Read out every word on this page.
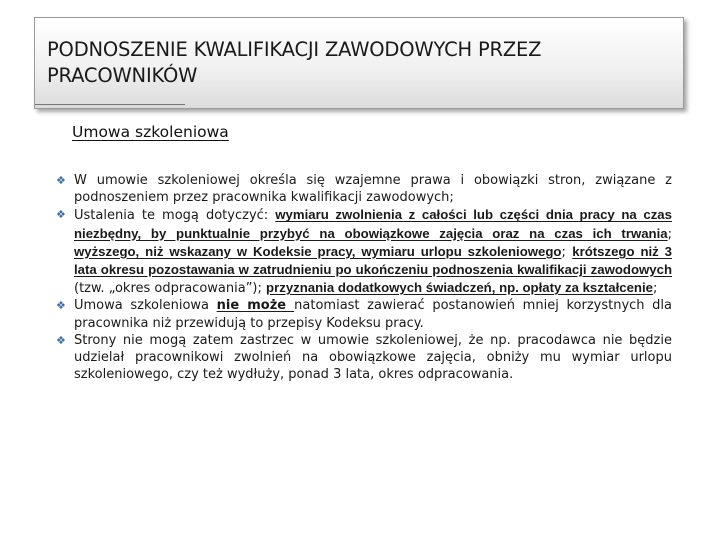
PODNOSZENIE KWALIFIKACJI ZAWODOWYCH PRZEZ PRACOWNIKÓW
Umowa szkoleniowa
❖ W umowie szkoleniowej określa się wzajemne prawa i obowiązki stron, związane z podnoszeniem przez pracownika kwalifikacji zawodowych;
❖ Ustalenia te mogą dotyczyć: wymiaru zwolnienia z całości lub części dnia pracy na czas niezbędny, by punktualnie przybyć na obowiązkowe zajęcia oraz na czas ich trwania; wyższego, niż wskazany w Kodeksie pracy, wymiaru urlopu szkoleniowego; krótszego niż 3 lata okresu pozostawania w zatrudnieniu po ukończeniu podnoszenia kwalifikacji zawodowych (tzw. „okres odpracowania”); przyznania dodatkowych świadczeń, np. opłaty za kształcenie;
❖ Umowa szkoleniowa nie może natomiast zawierać postanowień mniej korzystnych dla pracownika niż przewidują to przepisy Kodeksu pracy.
❖ Strony nie mogą zatem zastrzec w umowie szkoleniowej, że np. pracodawca nie będzie udzielał pracownikowi zwolnień na obowiązkowe zajęcia, obniży mu wymiar urlopu szkoleniowego, czy też wydłuży, ponad 3 lata, okres odpracowania.
